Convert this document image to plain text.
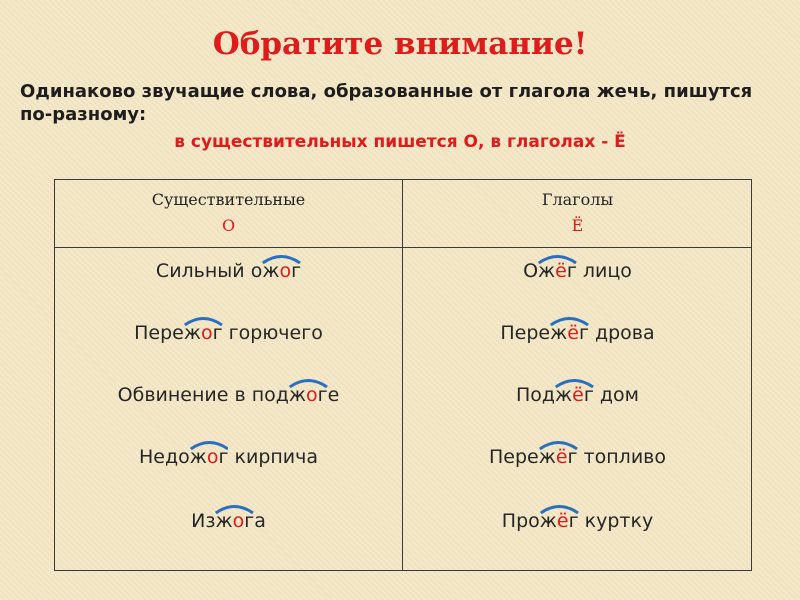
Обратите внимание!
Одинаково звучащие слова, образованные от глагола жечь, пишутся по-разному:
в существительных пишется О, в глаголах - Ё
Существительные
О
Глаголы
Ё
Сильный ожог
Пережог
горючего
Обвинение в поджог
е
Недожог
кирпича
Изжог
а
Ожёг
лицо
Пережёг
дрова
Поджёг
дом
Пережёг
топливо
Прожёг
куртку
